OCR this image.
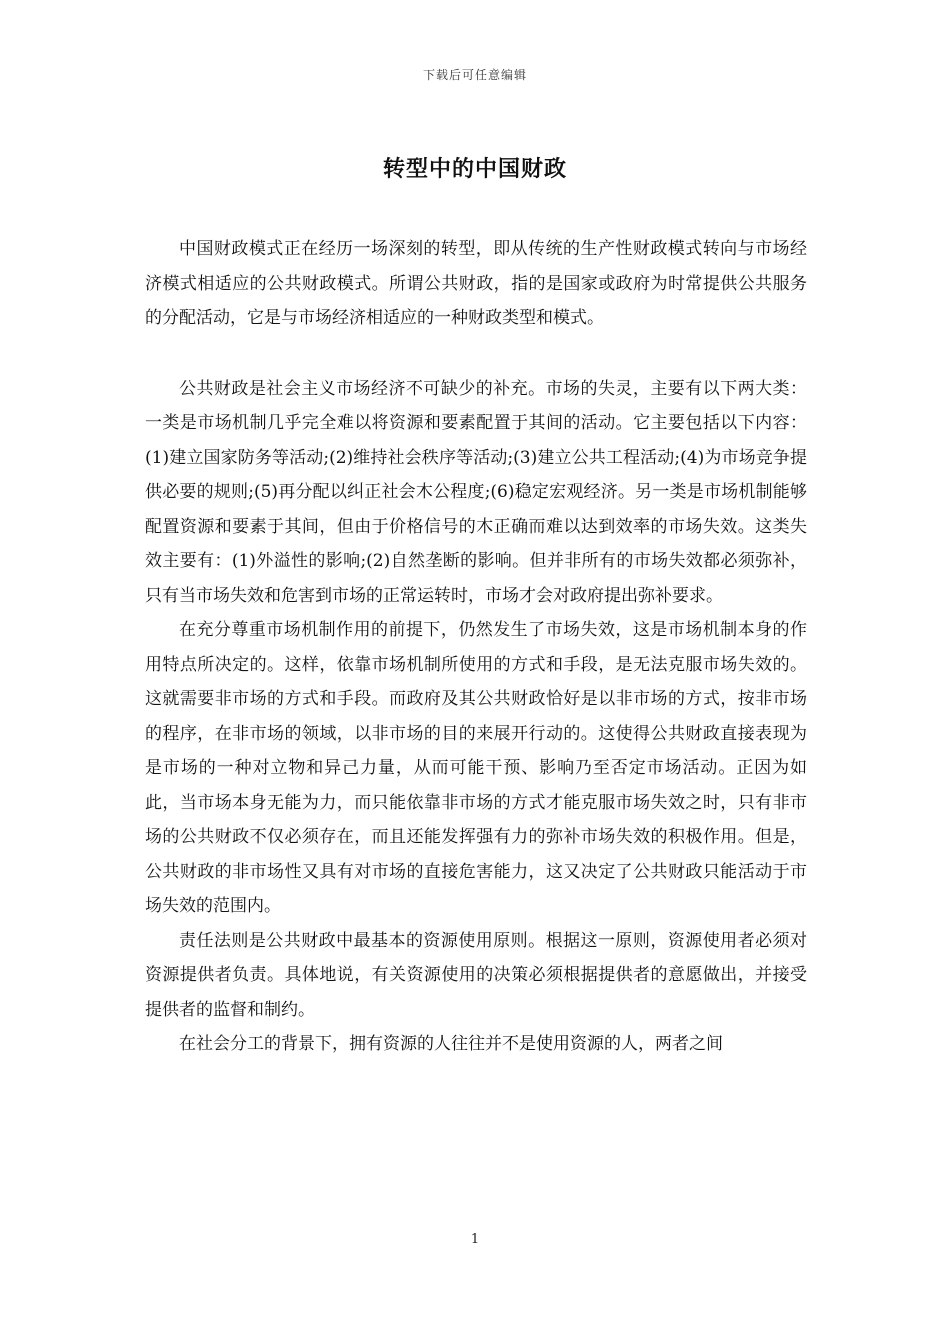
下载后可任意编辑
转型中的中国财政

中国财政模式正在经历一场深刻的转型，即从传统的生产性财政模式转向与市场经济模式相适应的公共财政模式。所谓公共财政，指的是国家或政府为时常提供公共服务的分配活动，它是与市场经济相适应的一种财政类型和模式。

公共财政是社会主义市场经济不可缺少的补充。市场的失灵，主要有以下两大类：一类是市场机制几乎完全难以将资源和要素配置于其间的活动。它主要包括以下内容：(1)建立国家防务等活动;(2)维持社会秩序等活动;(3)建立公共工程活动;(4)为市场竞争提供必要的规则;(5)再分配以纠正社会木公程度;(6)稳定宏观经济。另一类是市场机制能够配置资源和要素于其间，但由于价格信号的木正确而难以达到效率的市场失效。这类失效主要有：(1)外溢性的影响;(2)自然垄断的影响。但并非所有的市场失效都必须弥补，只有当市场失效和危害到市场的正常运转时，市场才会对政府提出弥补要求。

在充分尊重市场机制作用的前提下，仍然发生了市场失效，这是市场机制本身的作用特点所决定的。这样，依靠市场机制所使用的方式和手段，是无法克服市场失效的。这就需要非市场的方式和手段。而政府及其公共财政恰好是以非市场的方式，按非市场的程序，在非市场的领域，以非市场的目的来展开行动的。这使得公共财政直接表现为是市场的一种对立物和异己力量，从而可能干预、影响乃至否定市场活动。正因为如此，当市场本身无能为力，而只能依靠非市场的方式才能克服市场失效之时，只有非市场的公共财政不仅必须存在，而且还能发挥强有力的弥补市场失效的积极作用。但是，公共财政的非市场性又具有对市场的直接危害能力，这又决定了公共财政只能活动于市场失效的范围内。

责任法则是公共财政中最基本的资源使用原则。根据这一原则，资源使用者必须对资源提供者负责。具体地说，有关资源使用的决策必须根据提供者的意愿做出，并接受提供者的监督和制约。

在社会分工的背景下，拥有资源的人往往并不是使用资源的人，两者之间

1
